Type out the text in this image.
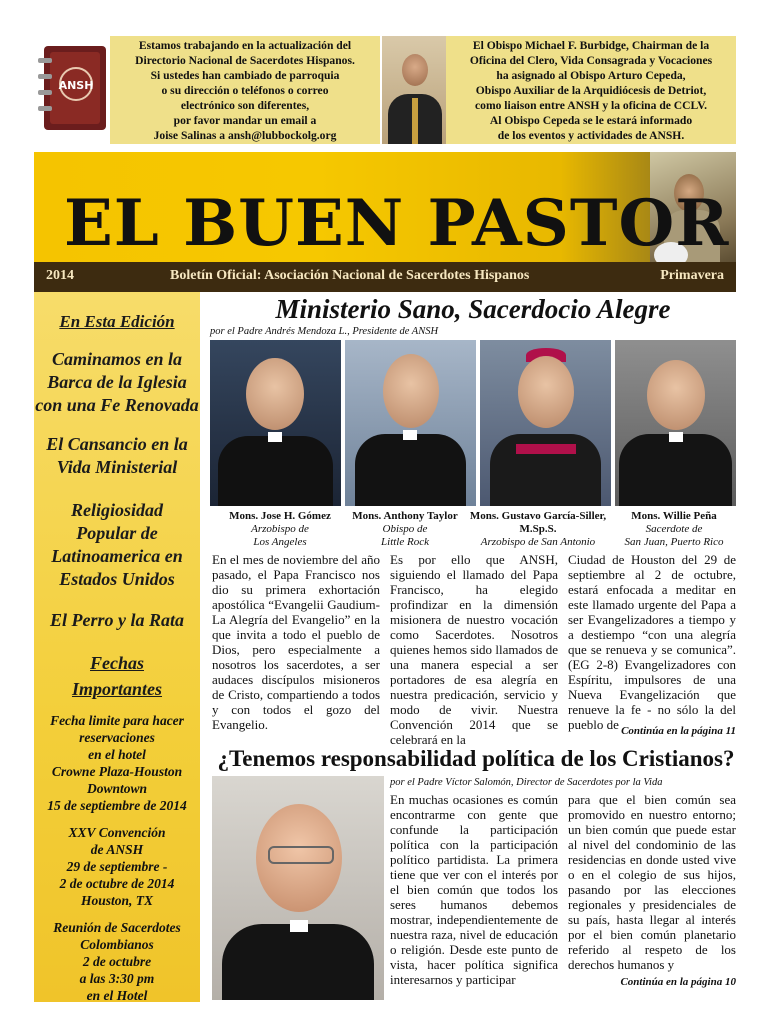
ANSH
Estamos trabajando en la actualización del
Directorio Nacional de Sacerdotes Hispanos.
Si ustedes han cambiado de parroquia
o su dirección o teléfonos o correo
electrónico son diferentes,
por favor mandar un email a
Joise Salinas a ansh@lubbockolg.org
El Obispo Michael F. Burbidge, Chairman de la
Oficina del Clero, Vida Consagrada y Vocaciones
ha asignado al Obispo Arturo Cepeda,
Obispo Auxiliar de la Arquidiócesis de Detriot,
como liaison entre ANSH y la oficina de CCLV.
Al Obispo Cepeda se le estará informado
de los eventos y actividades de ANSH.
EL BUEN PASTOR
2014	Boletín Oficial: Asociación Nacional de Sacerdotes Hispanos	Primavera
En Esta Edición
Caminamos en la Barca de la Iglesia con una Fe Renovada
El Cansancio en la Vida Ministerial
Religiosidad Popular de Latinoamerica en Estados Unidos
El Perro y la Rata
Fechas
Importantes
Fecha limite para hacer
reservaciones
en el hotel
Crowne Plaza-Houston
Downtown
15 de septiembre de 2014
XXV Convención
de ANSH
29 de septiembre -
2 de octubre de 2014
Houston, TX
Reunión de Sacerdotes
Colombianos
2 de octubre
a las 3:30 pm
en el Hotel
Ministerio Sano, Sacerdocio Alegre
por el Padre Andrés Mendoza L., Presidente de ANSH
Mons. Jose H. Gómez
Arzobispo de
Los Angeles
Mons. Anthony Taylor
Obispo de
Little Rock
Mons. Gustavo García-Siller, M.Sp.S.
Arzobispo de San Antonio
Mons. Willie Peña
Sacerdote de
San Juan, Puerto Rico
En el mes de noviembre del año pasado, el Papa Francisco nos dio su primera exhortación apostólica “Evangelii Gaudium-La Alegría del Evangelio” en la que invita a todo el pueblo de Dios, pero especialmente a nosotros los sacerdotes, a ser audaces discípulos misioneros de Cristo, compartiendo a todos y con todos el gozo del Evangelio.
Es por ello que ANSH, siguiendo el llamado del Papa Francisco, ha elegido profindizar en la dimensión misionera de nuestro vocación como Sacerdotes. Nosotros quienes hemos sido llamados de una manera especial a ser portadores de esa alegría en nuestra predicación, servicio y modo de vivir. Nuestra Convención 2014 que se celebrará en la
Ciudad de Houston del 29 de septiembre al 2 de octubre, estará enfocada a meditar en este llamado urgente del Papa a ser Evangelizadores a tiempo y a destiempo “con una alegría que se renueva y se comunica”. (EG 2-8) Evangelizadores con Espíritu, impulsores de una Nueva Evangelización que renueve la fe - no sólo la del pueblo de Continúa en la página 11
¿Tenemos responsabilidad política de los Cristianos?
por el Padre Víctor Salomón, Director de Sacerdotes por la Vida
En muchas ocasiones es común encontrarme con gente que confunde la participación política con la participación político partidista. La primera tiene que ver con el interés por el bien común que todos los seres humanos debemos mostrar, independientemente de nuestra raza, nivel de educación o religión. Desde este punto de vista, hacer política significa interesarnos y participar
para que el bien común sea promovido en nuestro entorno; un bien común que puede estar al nivel del condominio de las residencias en donde usted vive o en el colegio de sus hijos, pasando por las elecciones regionales y presidenciales de su país, hasta llegar al interés por el bien común planetario referido al respeto de los derechos humanos y
Continúa en la página 10
